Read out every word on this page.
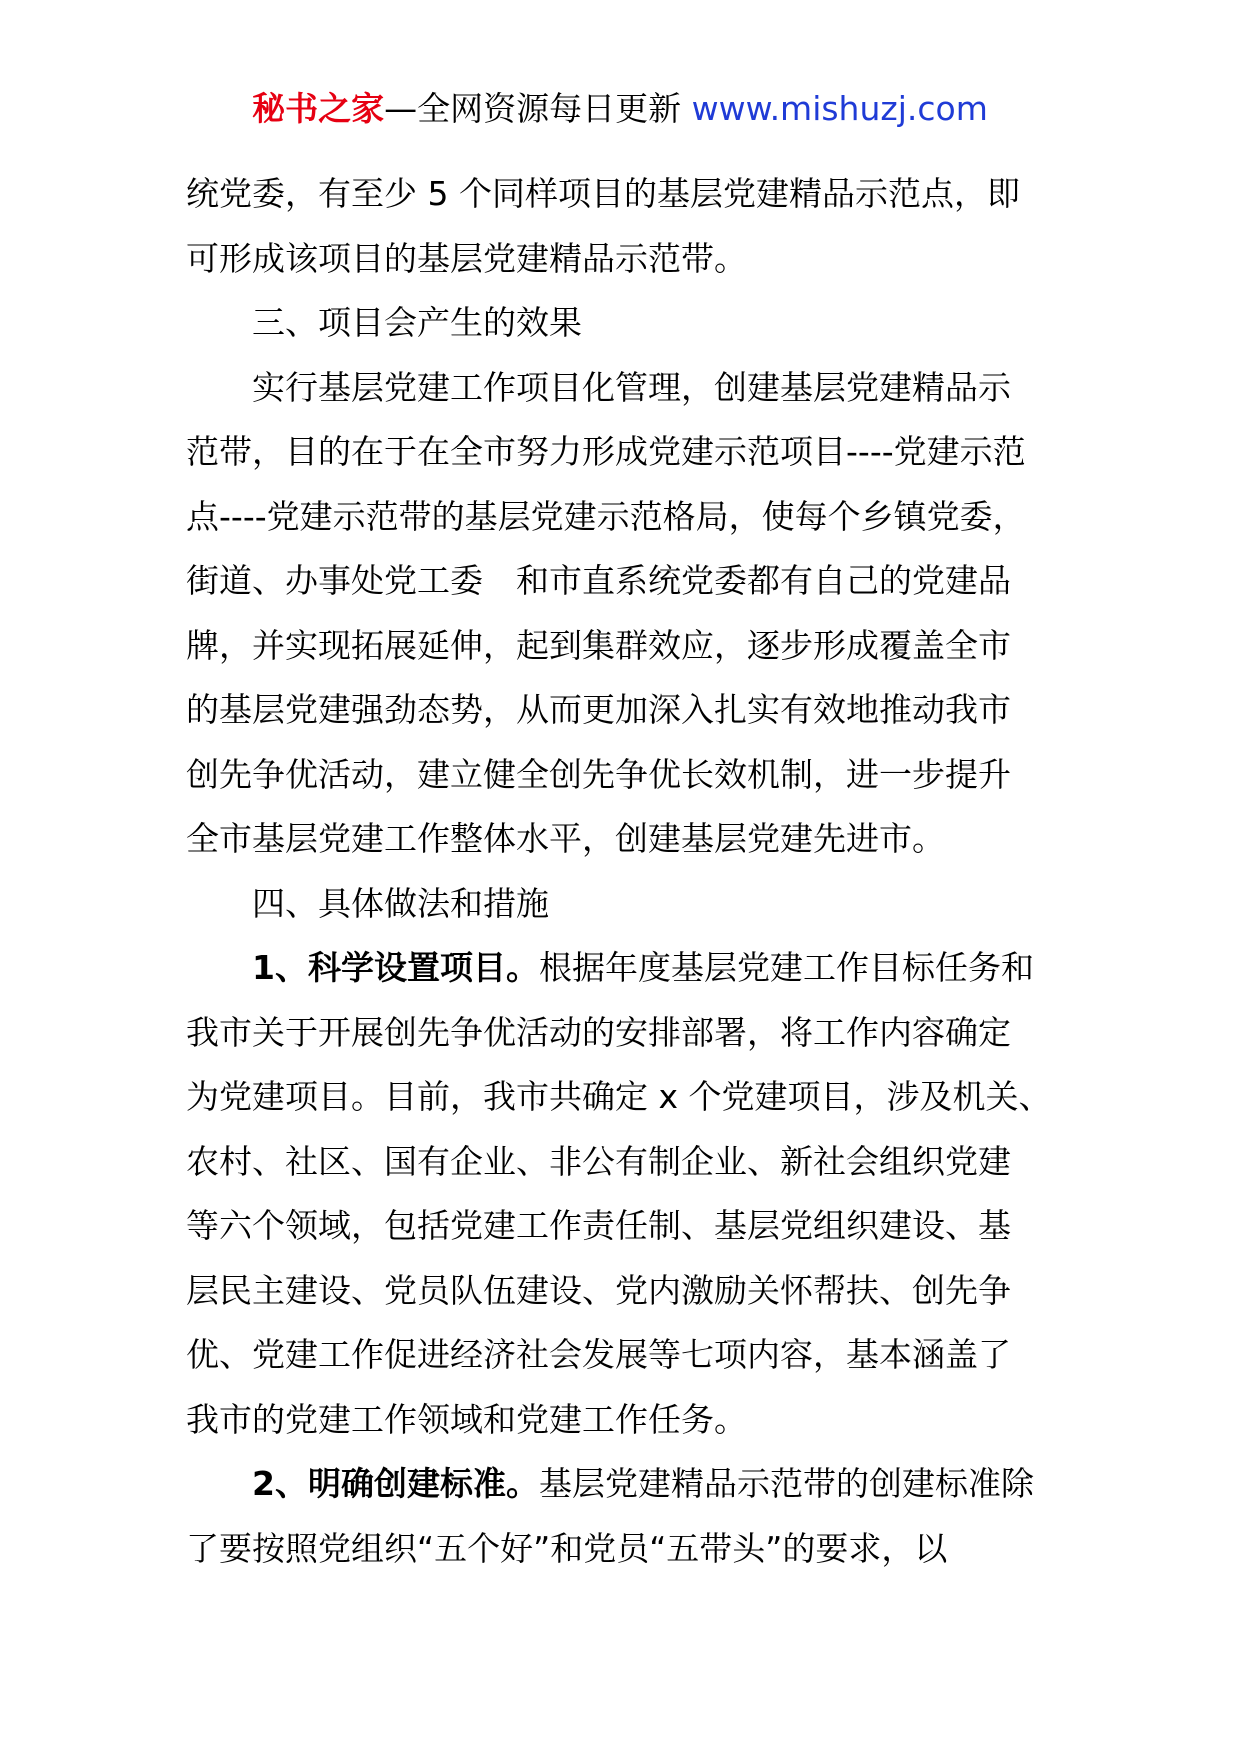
秘书之家—全网资源每日更新 www.mishuzj.com

统党委，有至少 5 个同样项目的基层党建精品示范点，即

可形成该项目的基层党建精品示范带。

三、项目会产生的效果

实行基层党建工作项目化管理，创建基层党建精品示

范带，目的在于在全市努力形成党建示范项目----党建示范

点----党建示范带的基层党建示范格局，使每个乡镇党委，

街道、办事处党工委　和市直系统党委都有自己的党建品

牌，并实现拓展延伸，起到集群效应，逐步形成覆盖全市

的基层党建强劲态势，从而更加深入扎实有效地推动我市

创先争优活动，建立健全创先争优长效机制，进一步提升

全市基层党建工作整体水平，创建基层党建先进市。

四、具体做法和措施

1、科学设置项目。根据年度基层党建工作目标任务和

我市关于开展创先争优活动的安排部署，将工作内容确定

为党建项目。目前，我市共确定 x 个党建项目，涉及机关、

农村、社区、国有企业、非公有制企业、新社会组织党建

等六个领域，包括党建工作责任制、基层党组织建设、基

层民主建设、党员队伍建设、党内激励关怀帮扶、创先争

优、党建工作促进经济社会发展等七项内容，基本涵盖了

我市的党建工作领域和党建工作任务。

2、明确创建标准。基层党建精品示范带的创建标准除

了要按照党组织“五个好”和党员“五带头”的要求，以
